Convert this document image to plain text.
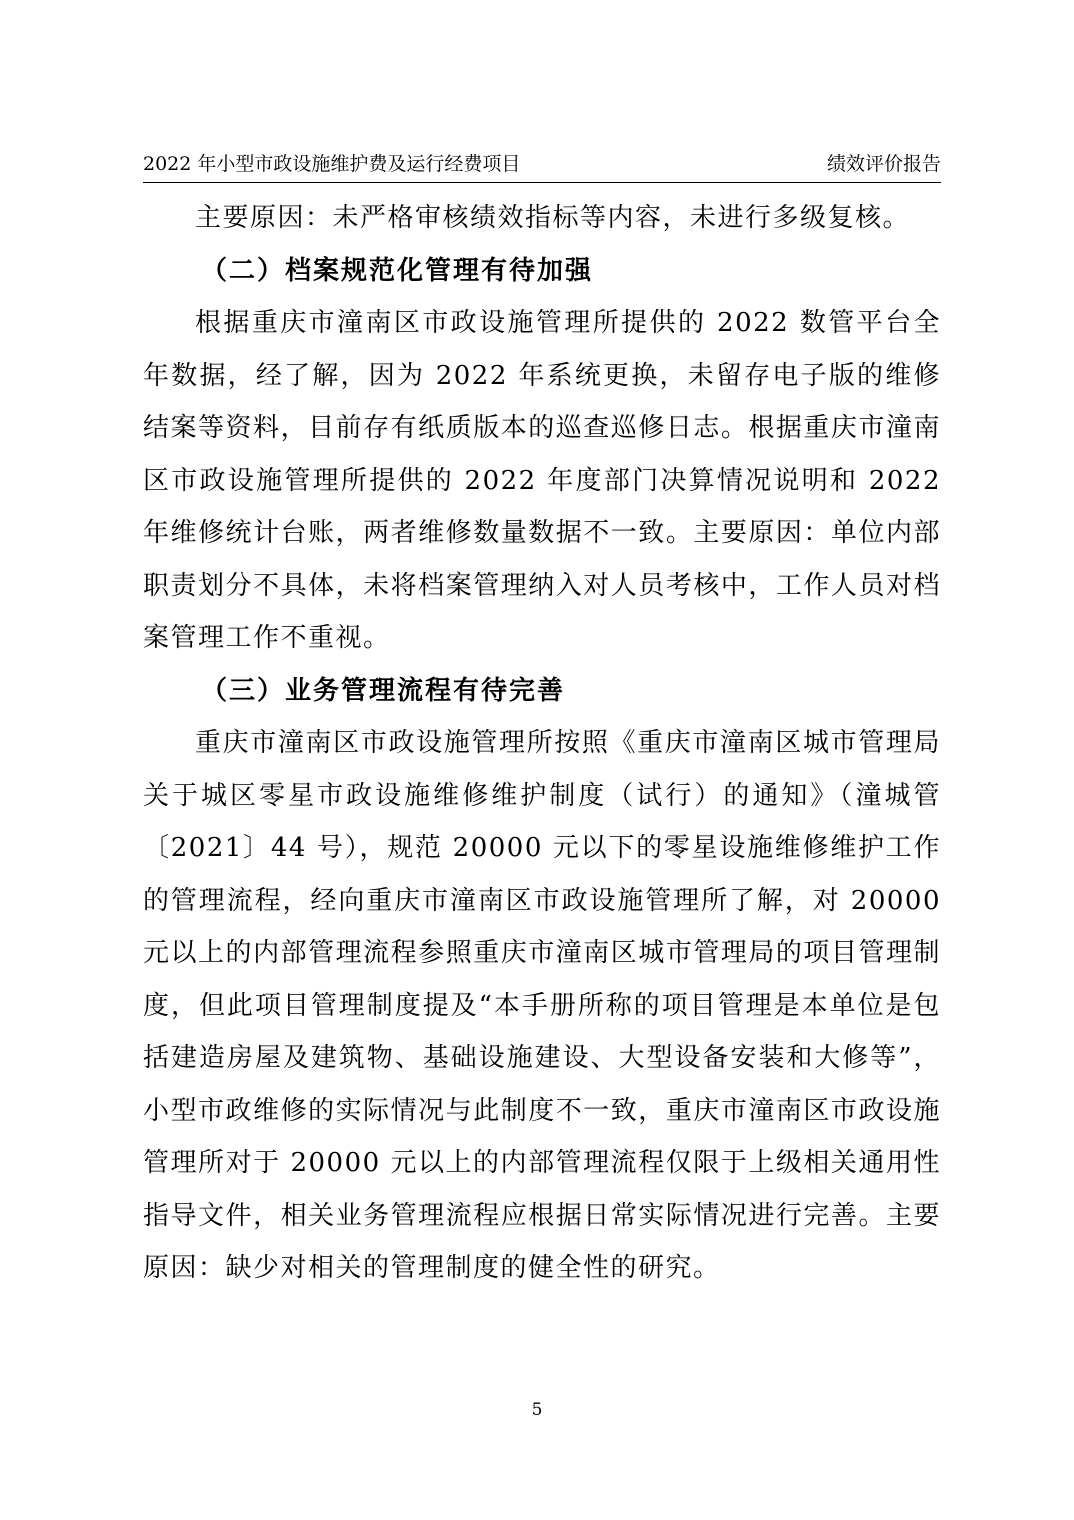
2022 年小型市政设施维护费及运行经费项目	绩效评价报告

主要原因：未严格审核绩效指标等内容，未进行多级复核。

（二）档案规范化管理有待加强

根据重庆市潼南区市政设施管理所提供的 2022 数管平台全年数据，经了解，因为 2022 年系统更换，未留存电子版的维修结案等资料，目前存有纸质版本的巡查巡修日志。根据重庆市潼南区市政设施管理所提供的 2022 年度部门决算情况说明和 2022 年维修统计台账，两者维修数量数据不一致。主要原因：单位内部职责划分不具体，未将档案管理纳入对人员考核中，工作人员对档案管理工作不重视。

（三）业务管理流程有待完善

重庆市潼南区市政设施管理所按照《重庆市潼南区城市管理局 关于城区零星市政设施维修维护制度（试行）的通知》（潼城管〔2021〕44 号），规范 20000 元以下的零星设施维修维护工作的管理流程，经向重庆市潼南区市政设施管理所了解，对 20000 元以上的内部管理流程参照重庆市潼南区城市管理局的项目管理制度，但此项目管理制度提及“本手册所称的项目管理是本单位是包括建造房屋及建筑物、基础设施建设、大型设备安装和大修等”，小型市政维修的实际情况与此制度不一致，重庆市潼南区市政设施管理所对于 20000 元以上的内部管理流程仅限于上级相关通用性指导文件，相关业务管理流程应根据日常实际情况进行完善。主要原因：缺少对相关的管理制度的健全性的研究。

5
